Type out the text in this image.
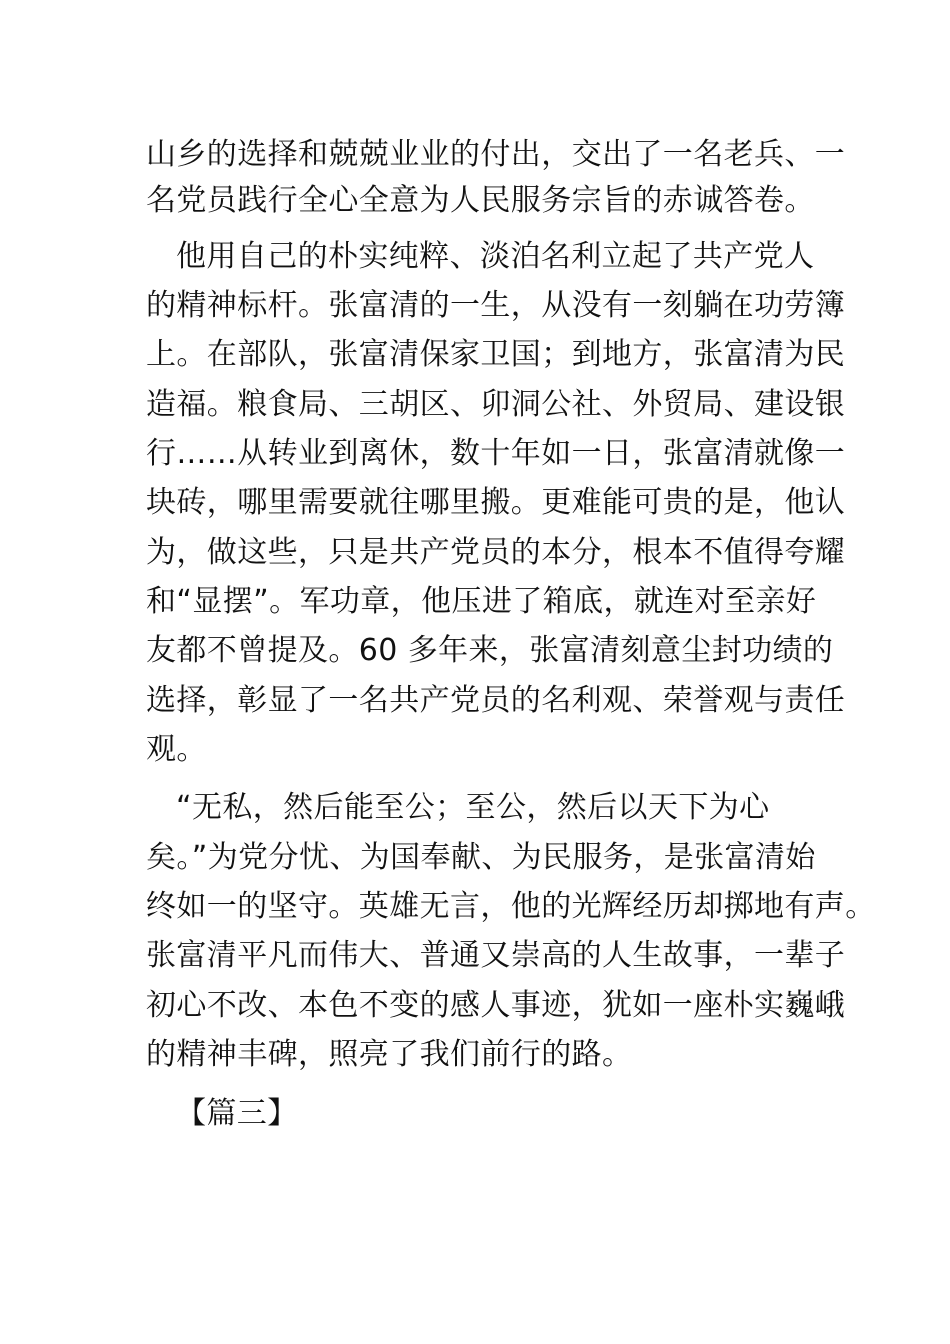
山乡的选择和兢兢业业的付出，交出了一名老兵、一
名党员践行全心全意为人民服务宗旨的赤诚答卷。
他用自己的朴实纯粹、淡泊名利立起了共产党人
的精神标杆。张富清的一生，从没有一刻躺在功劳簿
上。在部队，张富清保家卫国；到地方，张富清为民
造福。粮食局、三胡区、卯洞公社、外贸局、建设银
行……从转业到离休，数十年如一日，张富清就像一
块砖，哪里需要就往哪里搬。更难能可贵的是，他认
为，做这些，只是共产党员的本分，根本不值得夸耀
和“显摆”。军功章，他压进了箱底，就连对至亲好
友都不曾提及。60 多年来，张富清刻意尘封功绩的
选择，彰显了一名共产党员的名利观、荣誉观与责任
观。
“无私，然后能至公；至公，然后以天下为心
矣。”为党分忧、为国奉献、为民服务，是张富清始
终如一的坚守。英雄无言，他的光辉经历却掷地有声。
张富清平凡而伟大、普通又崇高的人生故事，一辈子
初心不改、本色不变的感人事迹，犹如一座朴实巍峨
的精神丰碑，照亮了我们前行的路。
【篇三】
